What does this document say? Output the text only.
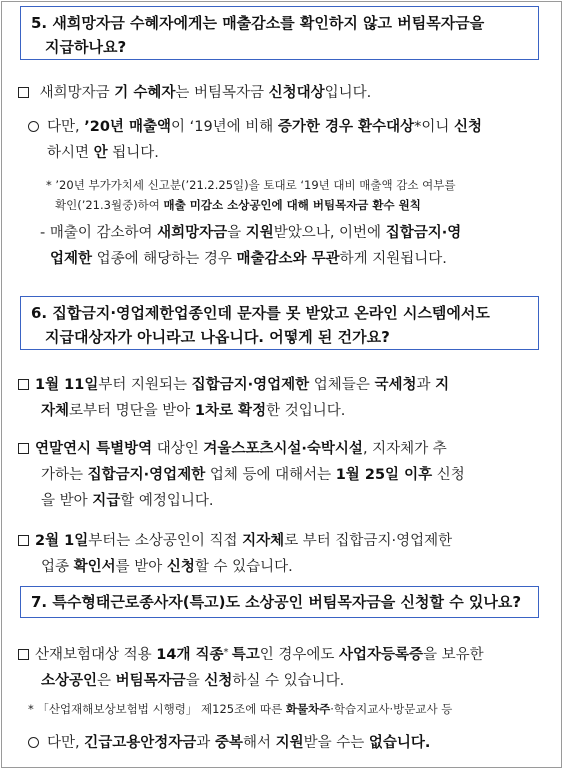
5. 새희망자금 수혜자에게는 매출감소를 확인하지 않고 버팀목자금을
지급하나요?
새희망자금 기 수혜자는 버팀목자금 신청대상입니다.
다만, ’20년 매출액이 ‘19년에 비해 증가한 경우 환수대상*이니 신청
하시면 안 됩니다.
* ’20년 부가가치세 신고분(’21.2.25일)을 토대로 ‘19년 대비 매출액 감소 여부를
확인(’21.3월중)하여 매출 미감소 소상공인에 대해 버팀목자금 환수 원칙
- 매출이 감소하여 새희망자금을 지원받았으나, 이번에 집합금지·영
업제한 업종에 해당하는 경우 매출감소와 무관하게 지원됩니다.
6. 집합금지·영업제한업종인데 문자를 못 받았고 온라인 시스템에서도
지급대상자가 아니라고 나옵니다. 어떻게 된 건가요?
1월 11일부터 지원되는 집합금지·영업제한 업체들은 국세청과 지
자체로부터 명단을 받아 1차로 확정한 것입니다.
연말연시 특별방역 대상인 겨울스포츠시설·숙박시설, 지자체가 추
가하는 집합금지·영업제한 업체 등에 대해서는 1월 25일 이후 신청
을 받아 지급할 예정입니다.
2월 1일부터는 소상공인이 직접 지자체로 부터 집합금지·영업제한
업종 확인서를 받아 신청할 수 있습니다.
7. 특수형태근로종사자(특고)도 소상공인 버팀목자금을 신청할 수 있나요?
산재보험대상 적용 14개 직종* 특고인 경우에도 사업자등록증을 보유한
소상공인은 버팀목자금을 신청하실 수 있습니다.
* 「산업재해보상보험법 시행령」 제125조에 따른 화물차주·학습지교사·방문교사 등
다만, 긴급고용안정자금과 중복해서 지원받을 수는 없습니다.
